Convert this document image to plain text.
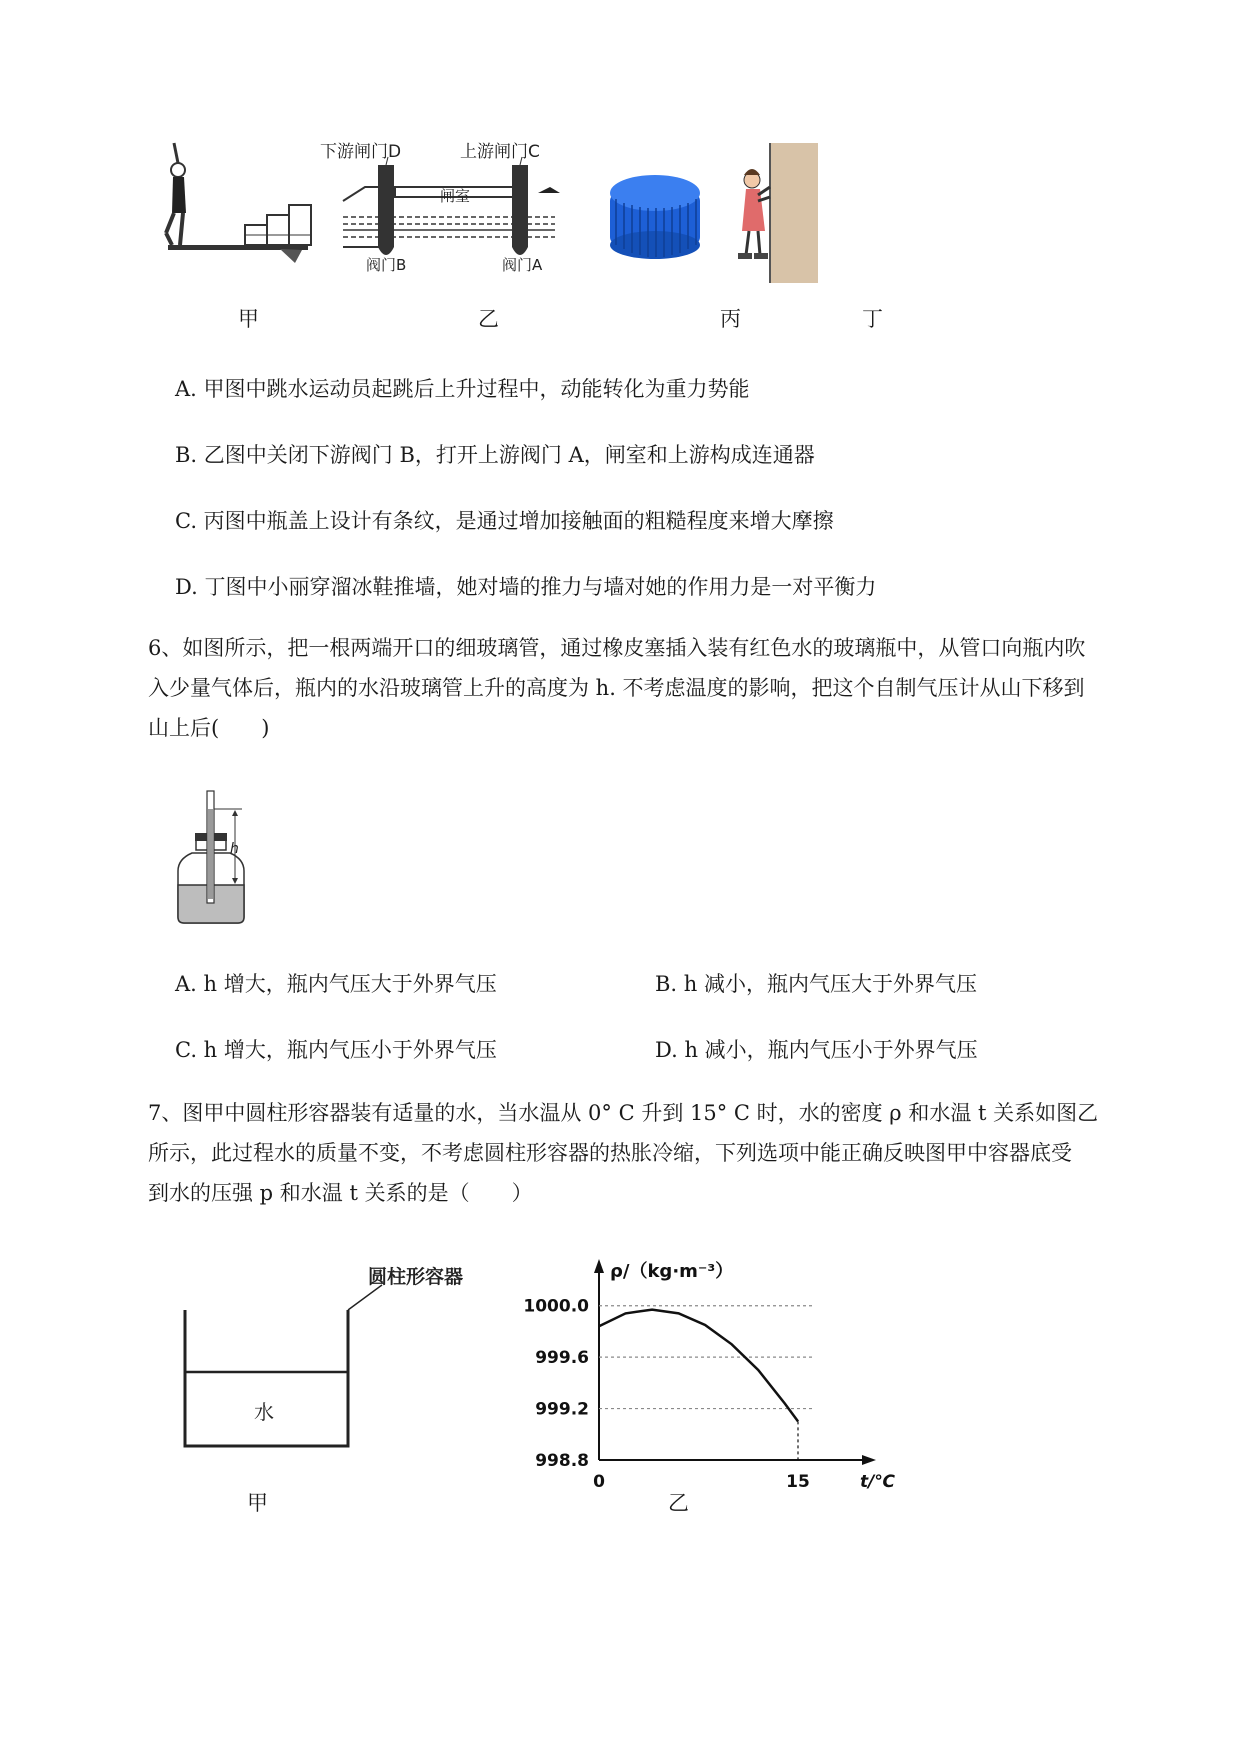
下游闸门D	上游闸门C
闸室
阀门B	阀门A
甲	乙	丙	丁
A. 甲图中跳水运动员起跳后上升过程中，动能转化为重力势能
B. 乙图中关闭下游阀门 B，打开上游阀门 A，闸室和上游构成连通器
C. 丙图中瓶盖上设计有条纹，是通过增加接触面的粗糙程度来增大摩擦
D. 丁图中小丽穿溜冰鞋推墙，她对墙的推力与墙对她的作用力是一对平衡力
6、如图所示，把一根两端开口的细玻璃管，通过橡皮塞插入装有红色水的玻璃瓶中，从管口向瓶内吹
入少量气体后，瓶内的水沿玻璃管上升的高度为 h. 不考虑温度的影响，把这个自制气压计从山下移到
山上后(　　)
h
A. h 增大，瓶内气压大于外界气压	B. h 减小，瓶内气压大于外界气压
C. h 增大，瓶内气压小于外界气压	D. h 减小，瓶内气压小于外界气压
7、图甲中圆柱形容器装有适量的水，当水温从 0° C 升到 15° C 时，水的密度 ρ 和水温 t 关系如图乙
所示，此过程水的质量不变，不考虑圆柱形容器的热胀冷缩，下列选项中能正确反映图甲中容器底受
到水的压强 p 和水温 t 关系的是（　　）
圆柱形容器
水
甲
ρ/（kg·m⁻³）
t/℃
1000.0
999.6
999.2
998.8
0	15
乙
